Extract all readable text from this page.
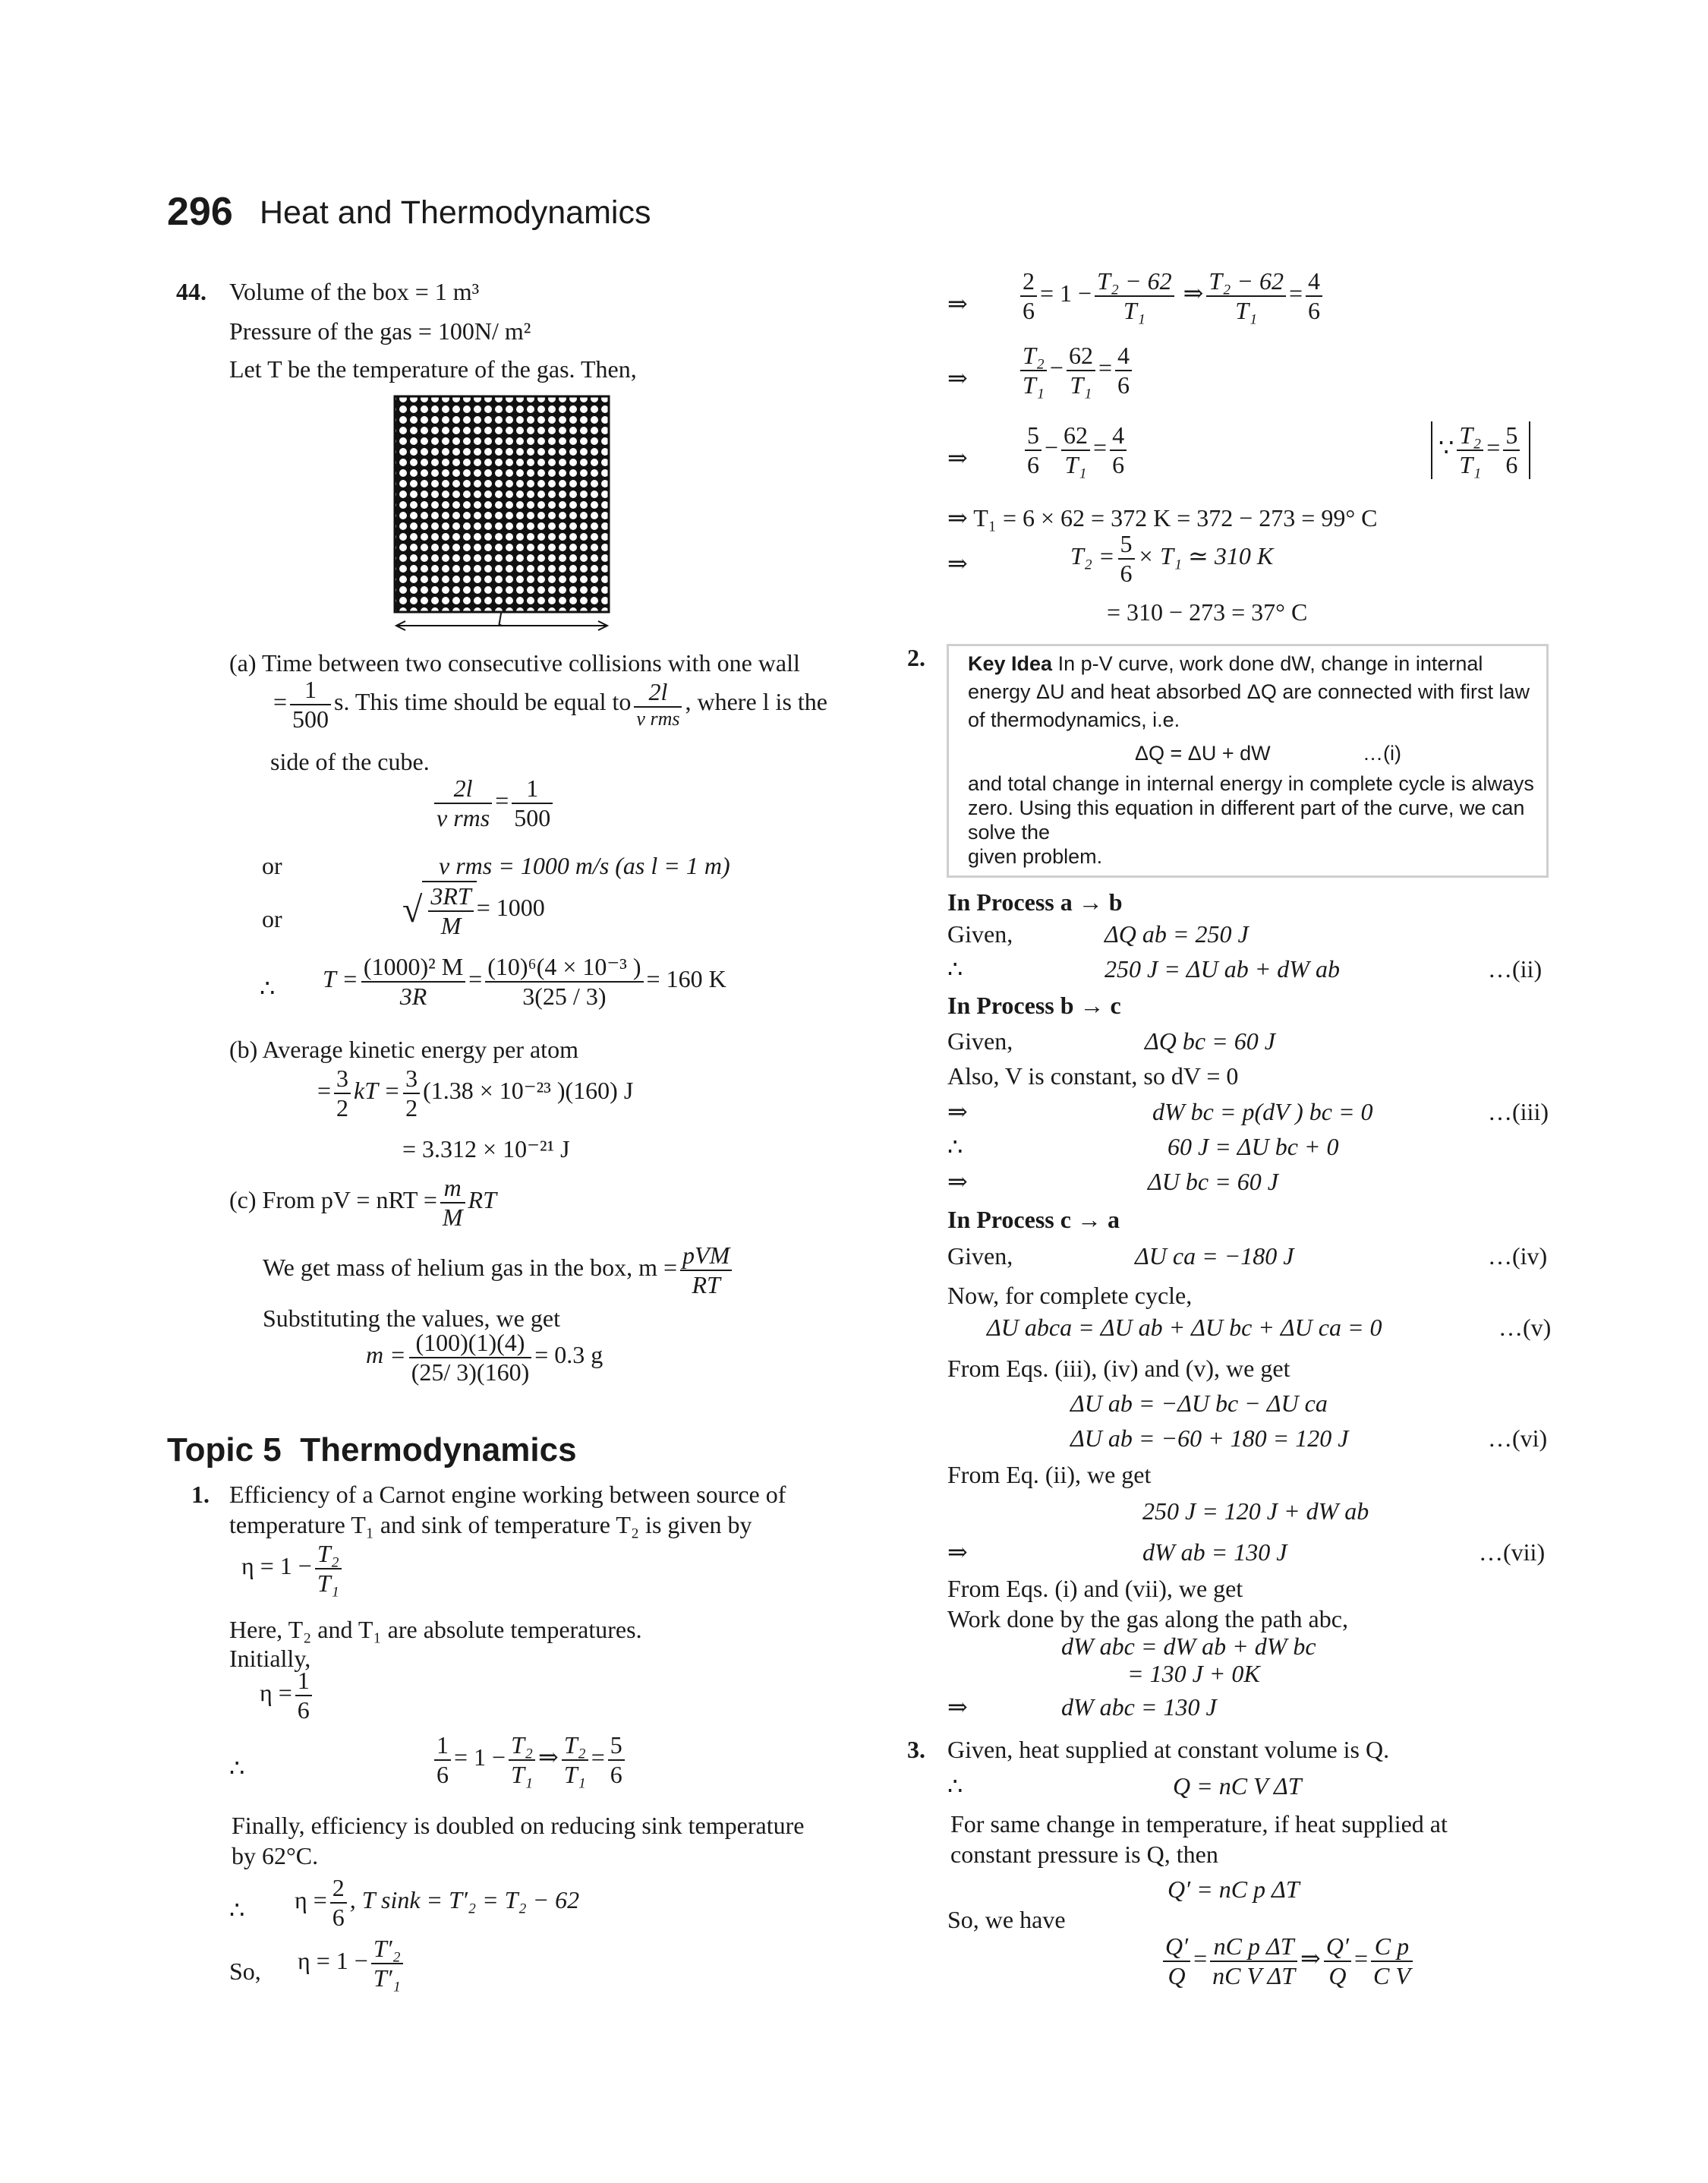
296 Heat and Thermodynamics
44. Volume of the box = 1 m³
Pressure of the gas = 100N/ m²
Let T be the temperature of the gas. Then,
l
(a) Time between two consecutive collisions with one wall
= $\frac{1}{500} s$. This time should be equal to 2l
v rms
, where l is the
side of the cube.
2l
v rms
= $\frac{1}{500}$
or	v rms = 1000 m/s (as l = 1 m)
or	√ $\frac{3RT}{M} = 1000$
∴ $T = \frac{\text{(1000)² M}}{3R} = \frac{\text{(10)⁶(4 × 10⁻³ )}}{3(25 / 3)} = 160$ K
(b) Average kinetic energy per atom
= $\frac{3}{2}$ kT = $\frac{3}{2} (1.38 \times 10^{-23}$ )(160) J
= 3.312 × 10⁻²¹ J
(c) From pV = nRT = $\frac{m}{M}$ RT
We get mass of helium gas in the box, m = pVM
RT
Substituting the values, we get
$m = \frac{(100)(1)(4)}{(25/ 3)(160)} = 0.3$ g
Topic 5 Thermodynamics
1. Efficiency of a Carnot engine working between source of
temperature T₁ and sink of temperature T₂ is given by
$\eta = 1 - \frac{\text{T₂}}{\text{T₁}}$
Here, T₂ and T₁ are absolute temperatures.
Initially,
$\eta = \frac{1}{6}$
∴	$\frac{1}{6} = 1 - \frac{\text{T₂}}{\text{T₁}}$ ⇒ $\frac{\text{T₂}}{\text{T₁}} = \frac{5}{6}$
Finally, efficiency is doubled on reducing sink temperature
by 62°C.
∴ $\eta = \frac{2}{6}$ , T sink = T′₂ = T₂ − 62
So, $\eta = 1 - \frac{\text{T′₂}}{\text{T′₁}}$
⇒ $\frac{2}{6} = 1 - \frac{\text{T₂ − 62}}{\text{T₁}}$ ⇒ $\frac{\text{T₂ − 62}}{\text{T₁}} = \frac{4}{6}$
⇒ $\frac{\text{T₂}}{\text{T₁}} - \frac{62}{\text{T₁}} = \frac{4}{6}$
⇒ $\frac{5}{6} - \frac{62}{\text{T₁}} = \frac{4}{6}$	∵ $\frac{\text{T₂}}{\text{T₁}} = \frac{5}{6}$
⇒ T₁ = 6 × 62 = 372 K = 372 − 273 = 99° C
⇒	$T_2 = \frac{5}{6} \times T_1$ ≃ 310 K
= 310 − 273 = 37° C
2. Key Idea In p-V curve, work done dW, change in internal
energy ΔU and heat absorbed ΔQ are connected with first law
of thermodynamics, i.e.
ΔQ = ΔU + dW	…(i)
and total change in internal energy in complete cycle is always
zero. Using this equation in different part of the curve, we can
solve the
given problem.
In Process a → b
Given,	ΔQ ab = 250 J
∴	250 J = ΔU ab + dW ab	…(ii)
In Process b → c
Given,	ΔQ bc = 60 J
Also, V is constant, so dV = 0
⇒	dW bc = p(dV ) bc = 0	…(iii)
∴	60 J = ΔU bc + 0
⇒	ΔU bc = 60 J
In Process c → a
Given,	ΔU ca = −180 J	…(iv)
Now, for complete cycle,
ΔU abca = ΔU ab + ΔU bc + ΔU ca = 0	…(v)
From Eqs. (iii), (iv) and (v), we get
ΔU ab = −ΔU bc − ΔU ca
ΔU ab = −60 + 180 = 120 J	…(vi)
From Eq. (ii), we get
250 J = 120 J + dW ab
⇒	dW ab = 130 J	…(vii)
From Eqs. (i) and (vii), we get
Work done by the gas along the path abc,
dW abc = dW ab + dW bc
= 130 J + 0K
⇒	dW abc = 130 J
3. Given, heat supplied at constant volume is Q.
∴	Q = nC V ΔT
For same change in temperature, if heat supplied at
constant pressure is Q, then
Q′ = nC p ΔT
So, we have
$\frac{Q'}{Q} = \frac{\text{nC p ΔT}}{\text{nC V ΔT}}$ ⇒ $\frac{Q'}{Q} = \frac{\text{C p}}{\text{C V}}$
